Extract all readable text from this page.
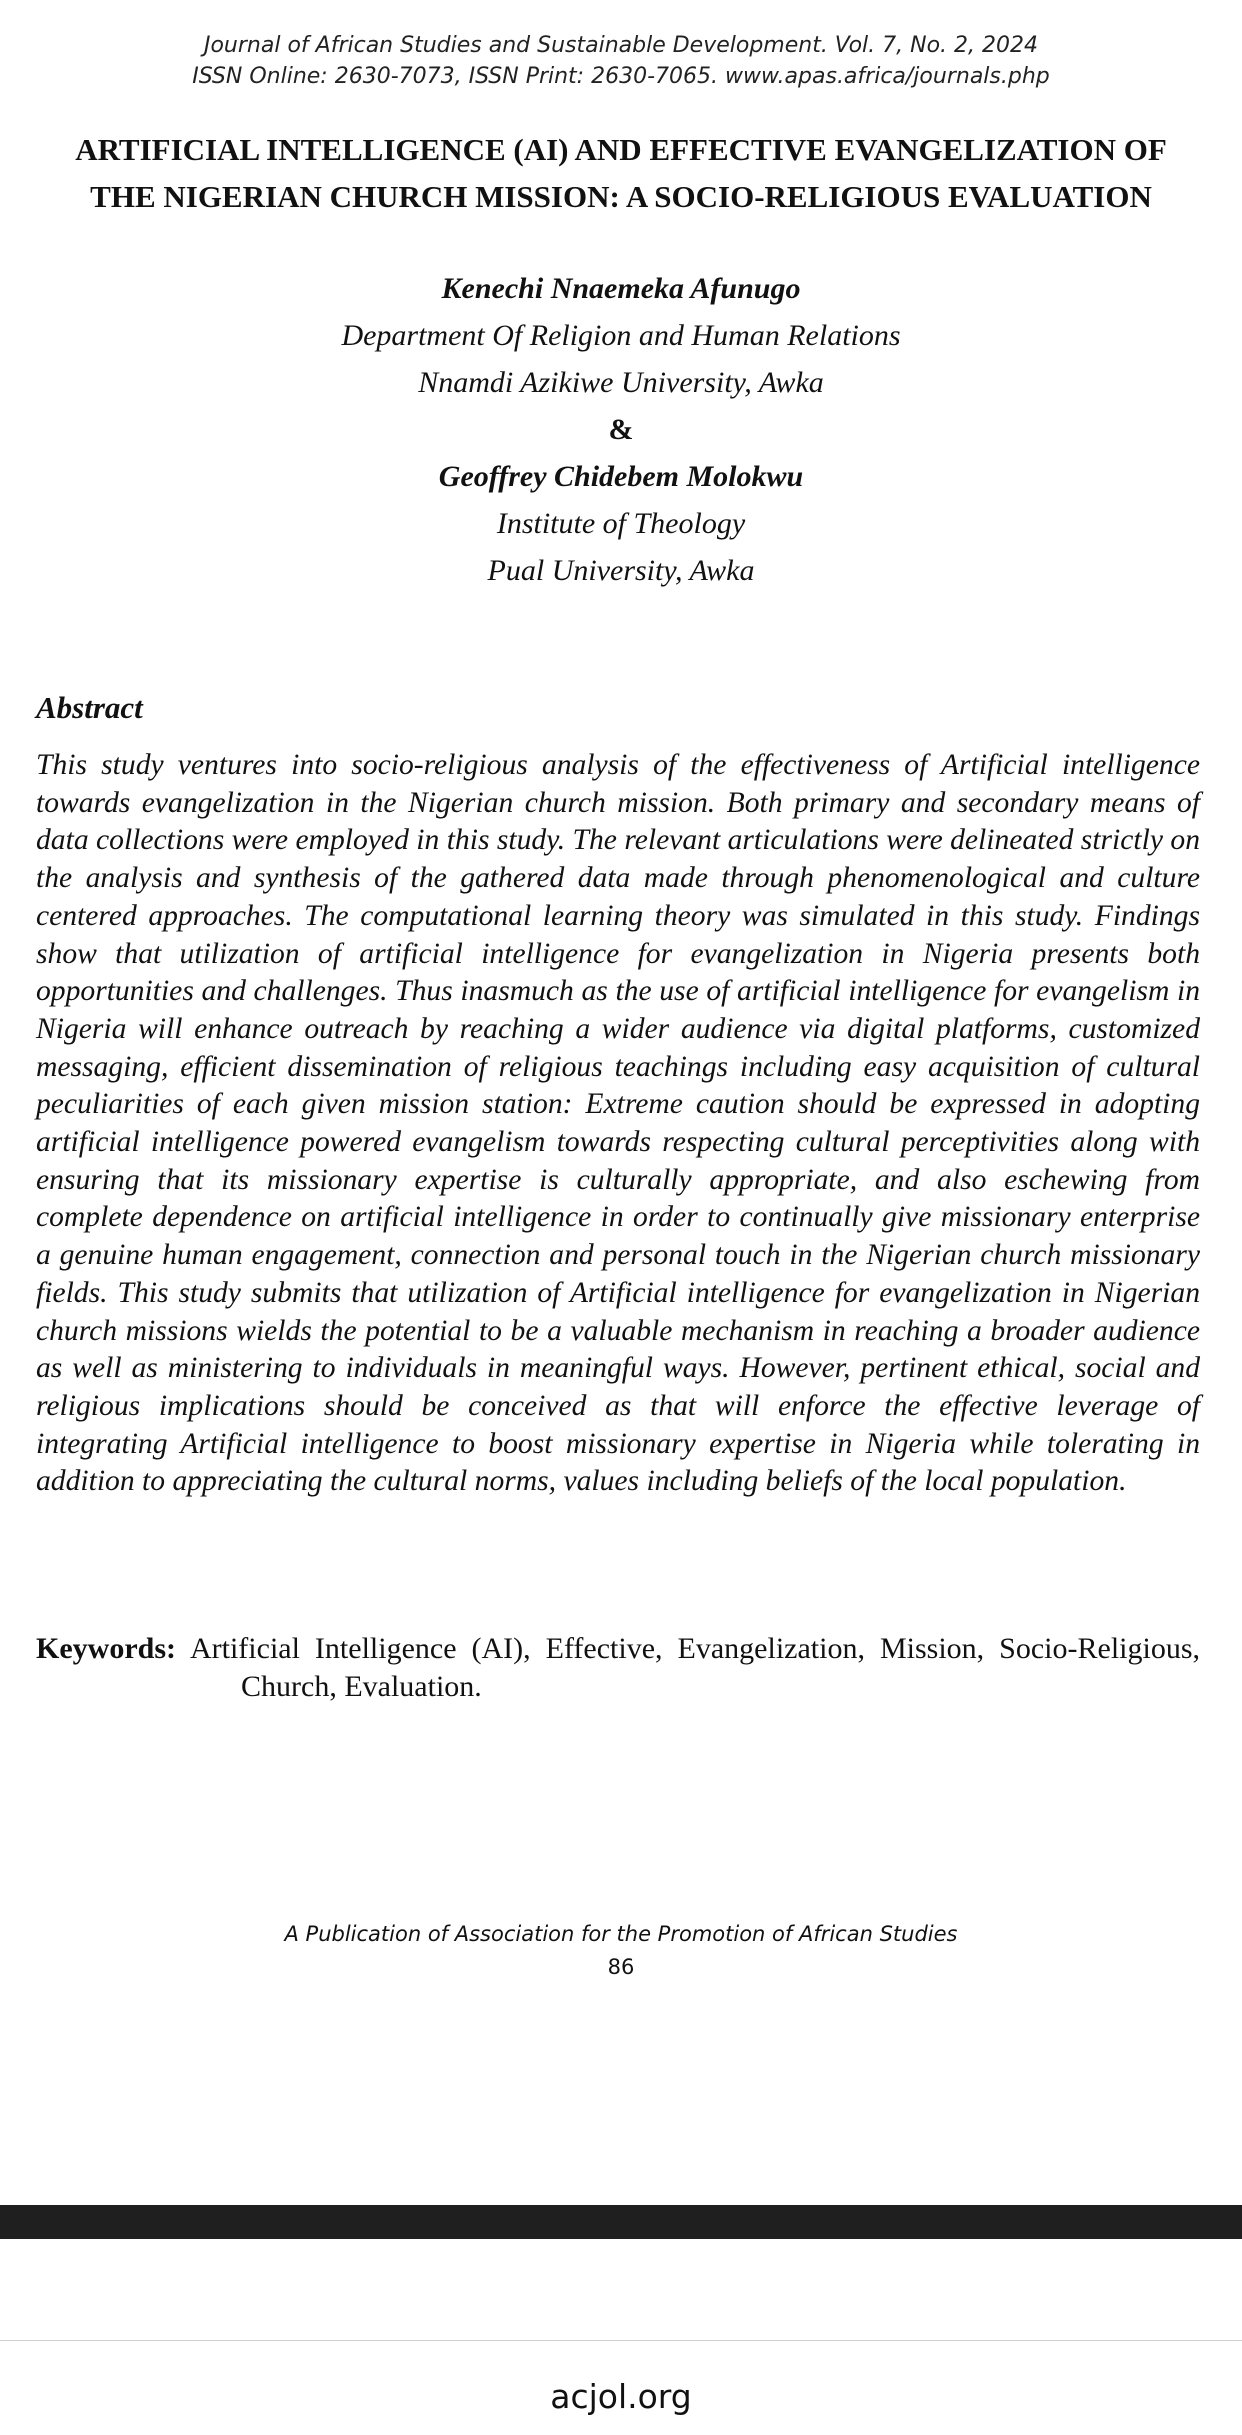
Journal of African Studies and Sustainable Development. Vol. 7, No. 2, 2024
ISSN Online: 2630-7073, ISSN Print: 2630-7065. www.apas.africa/journals.php
ARTIFICIAL INTELLIGENCE (AI) AND EFFECTIVE EVANGELIZATION OF
THE NIGERIAN CHURCH MISSION: A SOCIO-RELIGIOUS EVALUATION
Kenechi Nnaemeka Afunugo
Department Of Religion and Human Relations
Nnamdi Azikiwe University, Awka
&
Geoffrey Chidebem Molokwu
Institute of Theology
Pual University, Awka
Abstract
This study ventures into socio-religious analysis of the effectiveness of Artificial intelligence towards evangelization in the Nigerian church mission. Both primary and secondary means of data collections were employed in this study. The relevant articulations were delineated strictly on the analysis and synthesis of the gathered data made through phenomenological and culture centered approaches. The computational learning theory was simulated in this study. Findings show that utilization of artificial intelligence for evangelization in Nigeria presents both opportunities and challenges. Thus inasmuch as the use of artificial intelligence for evangelism in Nigeria will enhance outreach by reaching a wider audience via digital platforms, customized messaging, efficient dissemination of religious teachings including easy acquisition of cultural peculiarities of each given mission station: Extreme caution should be expressed in adopting artificial intelligence powered evangelism towards respecting cultural perceptivities along with ensuring that its missionary expertise is culturally appropriate, and also eschewing from complete dependence on artificial intelligence in order to continually give missionary enterprise a genuine human engagement, connection and personal touch in the Nigerian church missionary fields. This study submits that utilization of Artificial intelligence for evangelization in Nigerian church missions wields the potential to be a valuable mechanism in reaching a broader audience as well as ministering to individuals in meaningful ways. However, pertinent ethical, social and religious implications should be conceived as that will enforce the effective leverage of integrating Artificial intelligence to boost missionary expertise in Nigeria while tolerating in addition to appreciating the cultural norms, values including beliefs of the local population.
Keywords: Artificial Intelligence (AI), Effective, Evangelization, Mission, Socio-Religious, Church, Evaluation.
A Publication of Association for the Promotion of African Studies
86
acjol.org
